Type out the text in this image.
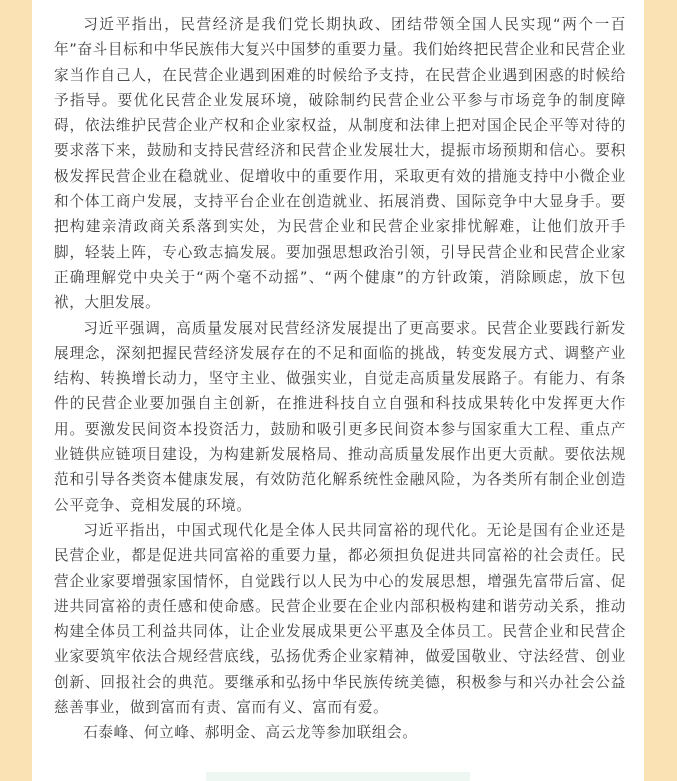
习近平指出，民营经济是我们党长期执政、团结带领全国人民实现“两个一百年”奋斗目标和中华民族伟大复兴中国梦的重要力量。我们始终把民营企业和民营企业家当作自己人，在民营企业遇到困难的时候给予支持，在民营企业遇到困惑的时候给予指导。要优化民营企业发展环境，破除制约民营企业公平参与市场竞争的制度障碍，依法维护民营企业产权和企业家权益，从制度和法律上把对国企民企平等对待的要求落下来，鼓励和支持民营经济和民营企业发展壮大，提振市场预期和信心。要积极发挥民营企业在稳就业、促增收中的重要作用，采取更有效的措施支持中小微企业和个体工商户发展，支持平台企业在创造就业、拓展消费、国际竞争中大显身手。要把构建亲清政商关系落到实处，为民营企业和民营企业家排忧解难，让他们放开手脚，轻装上阵，专心致志搞发展。要加强思想政治引领，引导民营企业和民营企业家正确理解党中央关于“两个毫不动摇”、“两个健康”的方针政策，消除顾虑，放下包袱，大胆发展。

习近平强调，高质量发展对民营经济发展提出了更高要求。民营企业要践行新发展理念，深刻把握民营经济发展存在的不足和面临的挑战，转变发展方式、调整产业结构、转换增长动力，坚守主业、做强实业，自觉走高质量发展路子。有能力、有条件的民营企业要加强自主创新，在推进科技自立自强和科技成果转化中发挥更大作用。要激发民间资本投资活力，鼓励和吸引更多民间资本参与国家重大工程、重点产业链供应链项目建设，为构建新发展格局、推动高质量发展作出更大贡献。要依法规范和引导各类资本健康发展，有效防范化解系统性金融风险，为各类所有制企业创造公平竞争、竞相发展的环境。

习近平指出，中国式现代化是全体人民共同富裕的现代化。无论是国有企业还是民营企业，都是促进共同富裕的重要力量，都必须担负促进共同富裕的社会责任。民营企业家要增强家国情怀，自觉践行以人民为中心的发展思想，增强先富带后富、促进共同富裕的责任感和使命感。民营企业要在企业内部积极构建和谐劳动关系，推动构建全体员工利益共同体，让企业发展成果更公平惠及全体员工。民营企业和民营企业家要筑牢依法合规经营底线，弘扬优秀企业家精神，做爱国敬业、守法经营、创业创新、回报社会的典范。要继承和弘扬中华民族传统美德，积极参与和兴办社会公益慈善事业，做到富而有责、富而有义、富而有爱。

石泰峰、何立峰、郝明金、高云龙等参加联组会。
